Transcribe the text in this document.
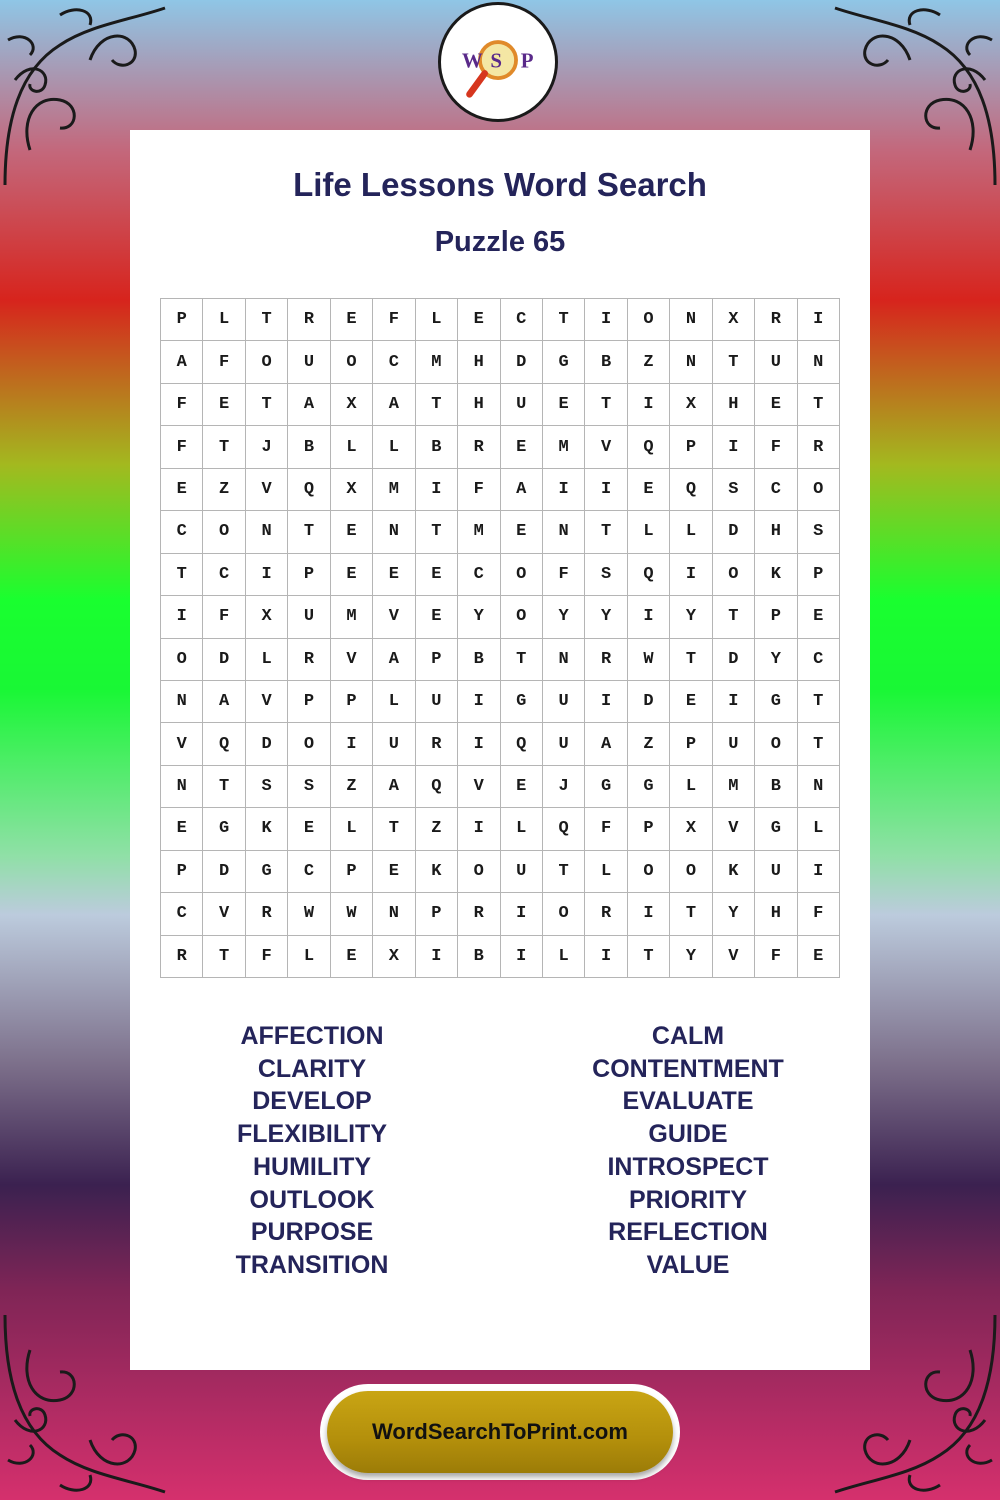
W S P
Life Lessons Word Search
Puzzle 65
P	L	T	R	E	F	L	E	C	T	I	O	N	X	R	I
A	F	O	U	O	C	M	H	D	G	B	Z	N	T	U	N
F	E	T	A	X	A	T	H	U	E	T	I	X	H	E	T
F	T	J	B	L	L	B	R	E	M	V	Q	P	I	F	R
E	Z	V	Q	X	M	I	F	A	I	I	E	Q	S	C	O
C	O	N	T	E	N	T	M	E	N	T	L	L	D	H	S
T	C	I	P	E	E	E	C	O	F	S	Q	I	O	K	P
I	F	X	U	M	V	E	Y	O	Y	Y	I	Y	T	P	E
O	D	L	R	V	A	P	B	T	N	R	W	T	D	Y	C
N	A	V	P	P	L	U	I	G	U	I	D	E	I	G	T
V	Q	D	O	I	U	R	I	Q	U	A	Z	P	U	O	T
N	T	S	S	Z	A	Q	V	E	J	G	G	L	M	B	N
E	G	K	E	L	T	Z	I	L	Q	F	P	X	V	G	L
P	D	G	C	P	E	K	O	U	T	L	O	O	K	U	I
C	V	R	W	W	N	P	R	I	O	R	I	T	Y	H	F
R	T	F	L	E	X	I	B	I	L	I	T	Y	V	F	E
AFFECTION
CLARITY
DEVELOP
FLEXIBILITY
HUMILITY
OUTLOOK
PURPOSE
TRANSITION
CALM
CONTENTMENT
EVALUATE
GUIDE
INTROSPECT
PRIORITY
REFLECTION
VALUE
WordSearchToPrint.com
